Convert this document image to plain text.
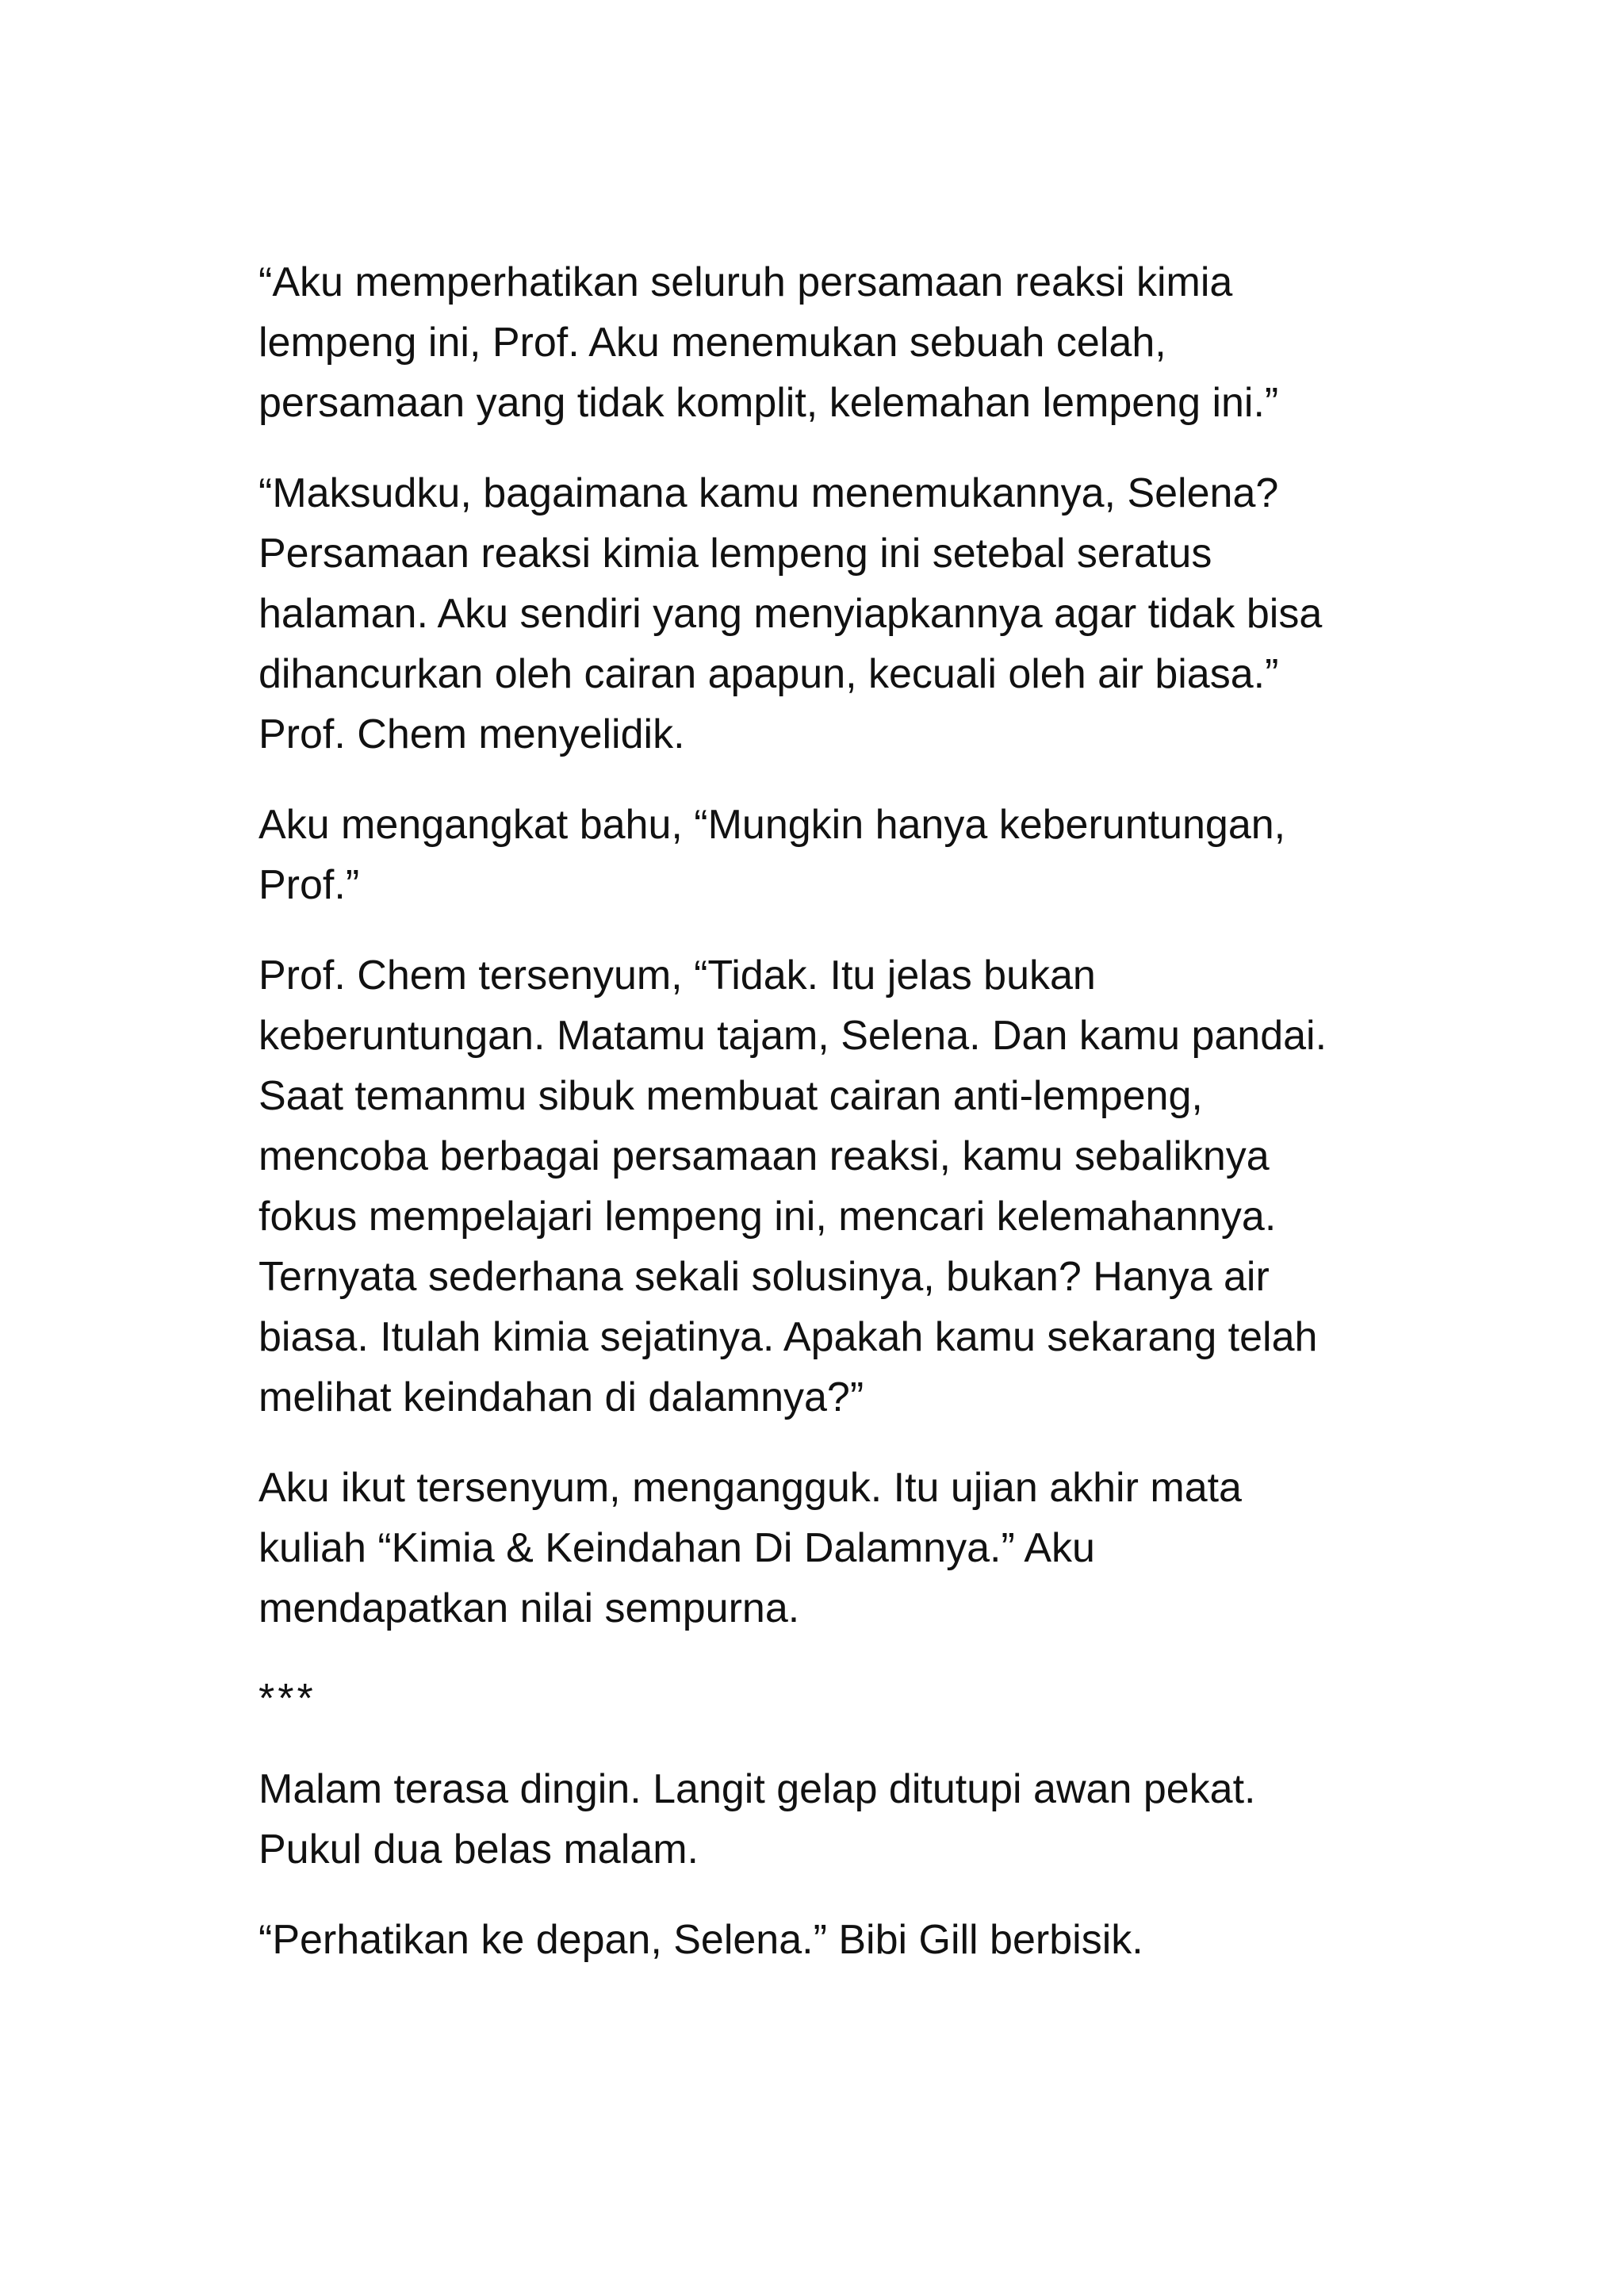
“Aku memperhatikan seluruh persamaan reaksi kimia
lempeng ini, Prof. Aku menemukan sebuah celah,
persamaan yang tidak komplit, kelemahan lempeng ini.”

“Maksudku, bagaimana kamu menemukannya, Selena?
Persamaan reaksi kimia lempeng ini setebal seratus
halaman. Aku sendiri yang menyiapkannya agar tidak bisa
dihancurkan oleh cairan apapun, kecuali oleh air biasa.”
Prof. Chem menyelidik.

Aku mengangkat bahu, “Mungkin hanya keberuntungan,
Prof.”

Prof. Chem tersenyum, “Tidak. Itu jelas bukan
keberuntungan. Matamu tajam, Selena. Dan kamu pandai.
Saat temanmu sibuk membuat cairan anti-lempeng,
mencoba berbagai persamaan reaksi, kamu sebaliknya
fokus mempelajari lempeng ini, mencari kelemahannya.
Ternyata sederhana sekali solusinya, bukan? Hanya air
biasa. Itulah kimia sejatinya. Apakah kamu sekarang telah
melihat keindahan di dalamnya?”

Aku ikut tersenyum, mengangguk. Itu ujian akhir mata
kuliah “Kimia & Keindahan Di Dalamnya.” Aku
mendapatkan nilai sempurna.

***

Malam terasa dingin. Langit gelap ditutupi awan pekat.
Pukul dua belas malam.

“Perhatikan ke depan, Selena.” Bibi Gill berbisik.
